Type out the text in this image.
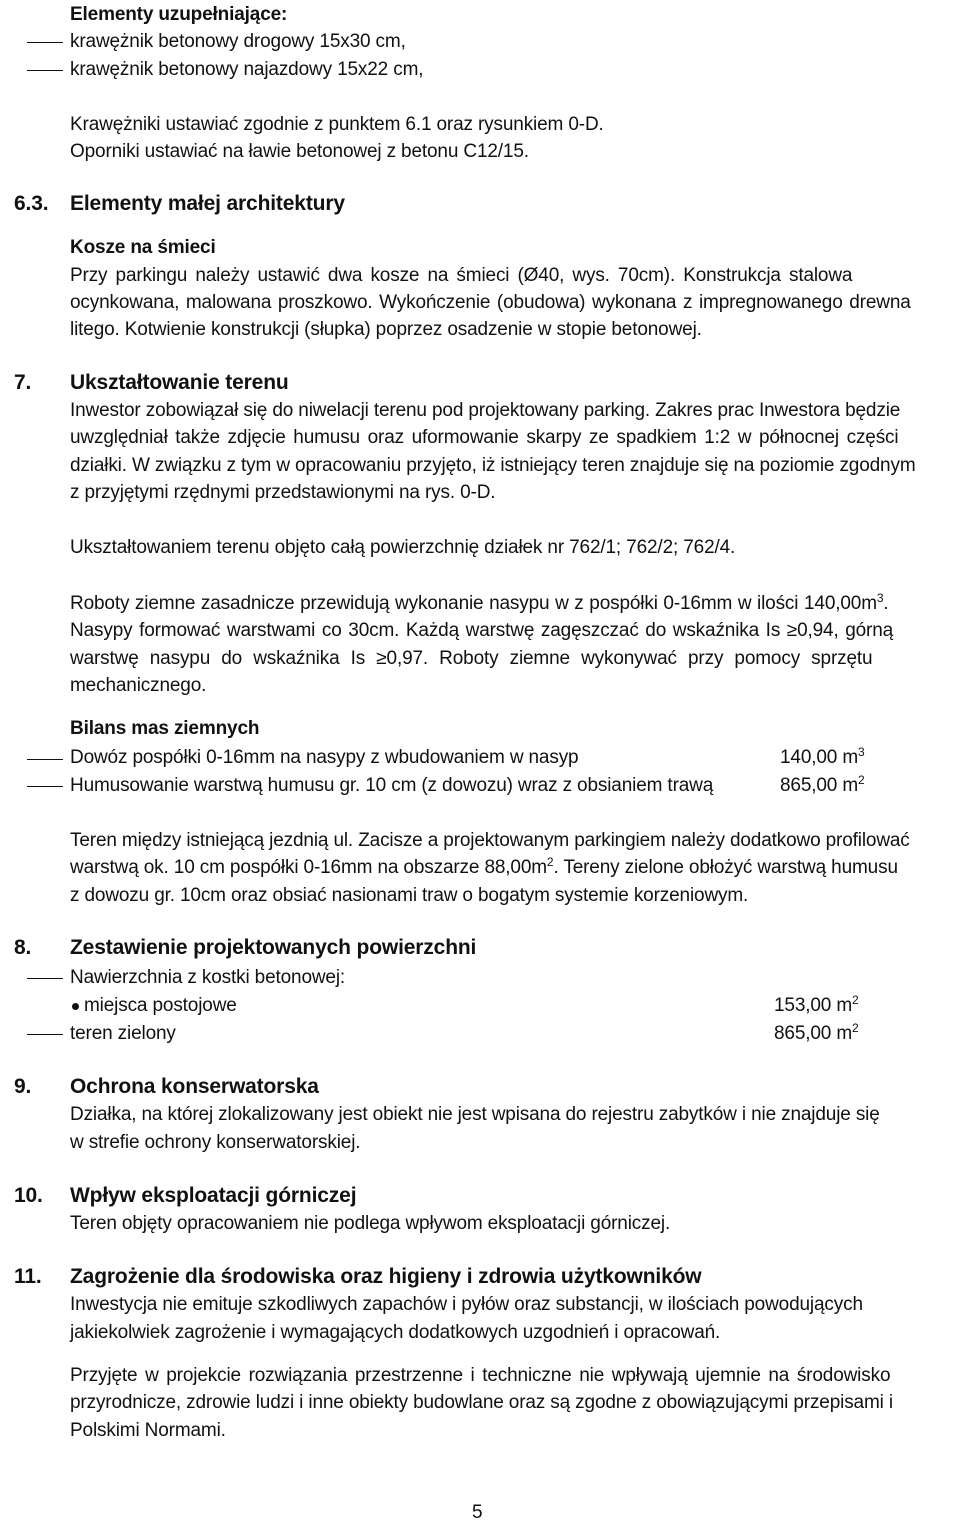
Elementy uzupełniające:
krawężnik betonowy drogowy 15x30 cm,
krawężnik betonowy najazdowy 15x22 cm,
Krawężniki ustawiać zgodnie z punktem 6.1 oraz rysunkiem 0-D.
Oporniki ustawiać na ławie betonowej z betonu C12/15.
6.3. Elementy małej architektury
Kosze na śmieci
Przy parkingu należy ustawić dwa kosze na śmieci (Ø40, wys. 70cm). Konstrukcja stalowa
ocynkowana, malowana proszkowo. Wykończenie (obudowa) wykonana z impregnowanego drewna
litego. Kotwienie konstrukcji (słupka) poprzez osadzenie w stopie betonowej.
7. Ukształtowanie terenu
Inwestor zobowiązał się do niwelacji terenu pod projektowany parking. Zakres prac Inwestora będzie
uwzględniał także zdjęcie humusu oraz uformowanie skarpy ze spadkiem 1:2 w północnej części
działki. W związku z tym w opracowaniu przyjęto, iż istniejący teren znajduje się na poziomie zgodnym
z przyjętymi rzędnymi przedstawionymi na rys. 0-D.
Ukształtowaniem terenu objęto całą powierzchnię działek nr 762/1; 762/2; 762/4.
Roboty ziemne zasadnicze przewidują wykonanie nasypu w z pospółki 0-16mm w ilości $140,00m^3$.
Nasypy formować warstwami co 30cm. Każdą warstwę zagęszczać do wskaźnika Is ≥0,94, górną
warstwę nasypu do wskaźnika Is ≥0,97. Roboty ziemne wykonywać przy pomocy sprzętu
mechanicznego.
Bilans mas ziemnych
Dowóz pospółki 0-16mm na nasypy z wbudowaniem w nasyp	140,00 $m^3$
Humusowanie warstwą humusu gr. 10 cm (z dowozu) wraz z obsianiem trawą	865,00 $m^2$
Teren między istniejącą jezdnią ul. Zacisze a projektowanym parkingiem należy dodatkowo profilować
warstwą ok. 10 cm pospółki 0-16mm na obszarze $88,00m^2$. Tereny zielone obłożyć warstwą humusu
z dowozu gr. 10cm oraz obsiać nasionami traw o bogatym systemie korzeniowym.
8. Zestawienie projektowanych powierzchni
Nawierzchnia z kostki betonowej:
miejsca postojowe	153,00 $m^2$
teren zielony	865,00 $m^2$
9. Ochrona konserwatorska
Działka, na której zlokalizowany jest obiekt nie jest wpisana do rejestru zabytków i nie znajduje się
w strefie ochrony konserwatorskiej.
10. Wpływ eksploatacji górniczej
Teren objęty opracowaniem nie podlega wpływom eksploatacji górniczej.
11. Zagrożenie dla środowiska oraz higieny i zdrowia użytkowników
Inwestycja nie emituje szkodliwych zapachów i pyłów oraz substancji, w ilościach powodujących
jakiekolwiek zagrożenie i wymagających dodatkowych uzgodnień i opracowań.
Przyjęte w projekcie rozwiązania przestrzenne i techniczne nie wpływają ujemnie na środowisko
przyrodnicze, zdrowie ludzi i inne obiekty budowlane oraz są zgodne z obowiązującymi przepisami i
Polskimi Normami.
5
